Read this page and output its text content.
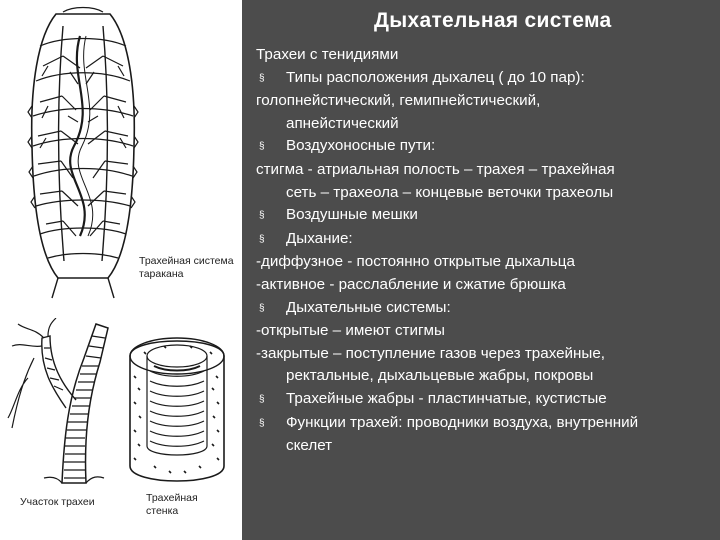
Трахейная система таракана
Участок трахеи	Трахейная стенка
Дыхательная система
Трахеи с тенидиями
§ Типы расположения дыхалец ( до 10 пар):
голопнейстический, гемипнейстический,
апнейстический
§ Воздухоносные пути:
стигма - атриальная полость – трахея – трахейная
сеть – трахеола – концевые веточки трахеолы
§ Воздушные мешки
§ Дыхание:
-диффузное - постоянно открытые дыхальца
-активное - расслабление и сжатие брюшка
§ Дыхательные системы:
-открытые – имеют стигмы
-закрытые – поступление газов через трахейные,
ректальные, дыхальцевые жабры, покровы
§ Трахейные жабры - пластинчатые, кустистые
§ Функции трахей: проводники воздуха, внутренний
скелет
